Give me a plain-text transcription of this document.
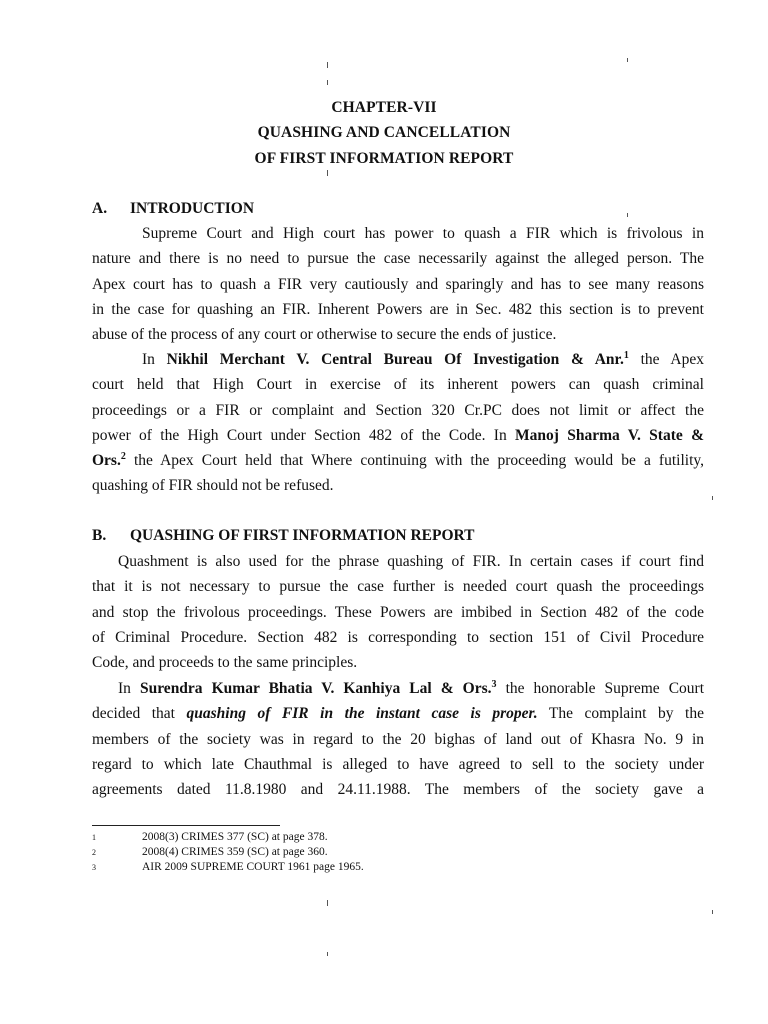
CHAPTER-VII
QUASHING AND CANCELLATION
OF FIRST INFORMATION REPORT
A. INTRODUCTION
Supreme Court and High court has power to quash a FIR which is frivolous in
nature and there is no need to pursue the case necessarily against the alleged person. The
Apex court has to quash a FIR very cautiously and sparingly and has to see many reasons
in the case for quashing an FIR. Inherent Powers are in Sec. 482 this section is to prevent
abuse of the process of any court or otherwise to secure the ends of justice.
In Nikhil Merchant V. Central Bureau Of Investigation & Anr.$^1$ the Apex
court held that High Court in exercise of its inherent powers can quash criminal
proceedings or a FIR or complaint and Section 320 Cr.PC does not limit or affect the
power of the High Court under Section 482 of the Code. In Manoj Sharma V. State &
Ors.$^2$ the Apex Court held that Where continuing with the proceeding would be a futility,
quashing of FIR should not be refused.
B. QUASHING OF FIRST INFORMATION REPORT
Quashment is also used for the phrase quashing of FIR. In certain cases if court find
that it is not necessary to pursue the case further is needed court quash the proceedings
and stop the frivolous proceedings. These Powers are imbibed in Section 482 of the code
of Criminal Procedure. Section 482 is corresponding to section 151 of Civil Procedure
Code, and proceeds to the same principles.
In Surendra Kumar Bhatia V. Kanhiya Lal & Ors.$^3$ the honorable Supreme Court
decided that quashing of FIR in the instant case is proper. The complaint by the
members of the society was in regard to the 20 bighas of land out of Khasra No. 9 in
regard to which late Chauthmal is alleged to have agreed to sell to the society under
agreements dated 11.8.1980 and 24.11.1988. The members of the society gave a
1	2008(3) CRIMES 377 (SC) at page 378.
2	2008(4) CRIMES 359 (SC) at page 360.
3	AIR 2009 SUPREME COURT 1961 page 1965.
